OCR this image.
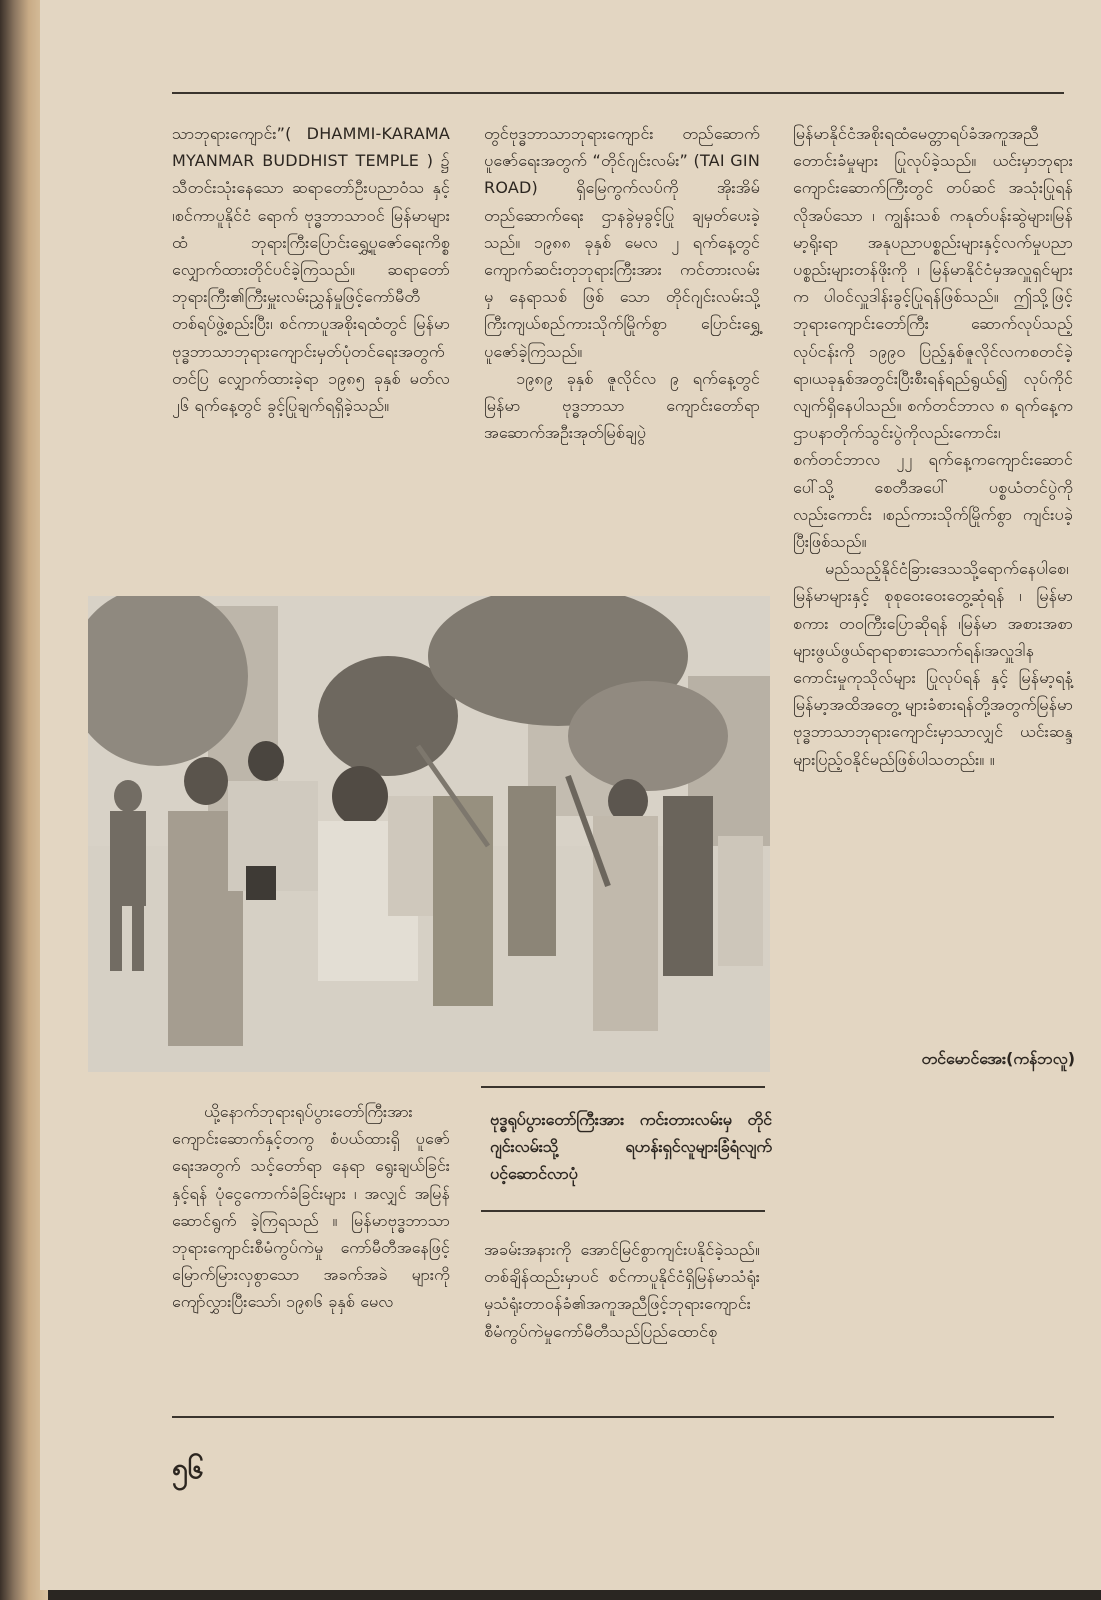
သာဘုရားကျောင်း”( DHAMMI-KARAMA MYANMAR BUDDHIST TEMPLE ) ၌ သီတင်းသုံးနေသော ဆရာတော်ဦးပညာဝံသ နှင့် ၊စင်ကာပူနိုင်ငံ ရောက် ဗုဒ္ဓဘာသာဝင် မြန်မာများထံ ဘုရားကြီးပြောင်းရွှေ့ပူဇော်ရေးကိစ္စ လျှောက်ထားတိုင်ပင်ခဲ့ကြသည်။ ဆရာတော်ဘုရားကြီး၏ကြီးမှူးလမ်းညွှန်မှုဖြင့်ကော်မီတီတစ်ရပ်ဖွဲ့စည်းပြီး၊ စင်ကာပူအစိုးရထံတွင် မြန်မာဗုဒ္ဓဘာသာဘုရားကျောင်းမှတ်ပုံတင်ရေးအတွက်တင်ပြ လျှောက်ထားခဲ့ရာ ၁၉၈၅ ခုနှစ် မတ်လ ၂၆ ရက်နေ့တွင် ခွင့်ပြုချက်ရရှိခဲ့သည်။

တွင်ဗုဒ္ဓဘာသာဘုရားကျောင်း တည်ဆောက်ပူဇော်ရေးအတွက် “တိုင်ဂျင်းလမ်း” (TAI GIN ROAD) ရှိမြေကွက်လပ်ကို အိုးအိမ် တည်ဆောက်ရေး ဌာနခွဲမှခွင့်ပြု ချမှတ်ပေးခဲ့သည်။ ၁၉၈၈ ခုနှစ် မေလ ၂ ရက်နေ့တွင် ကျောက်ဆင်းတုဘုရားကြီးအား ကင်တားလမ်း မှ နေရာသစ် ဖြစ် သော တိုင်ဂျင်းလမ်းသို့ ကြီးကျယ်စည်ကားသိုက်မြိုက်စွာ ပြောင်းရွှေ့ ပူဇော်ခဲ့ကြသည်။

၁၉၈၉ ခုနှစ် ဇူလိုင်လ ၉ ရက်နေ့တွင် မြန်မာ ဗုဒ္ဓဘာသာ ကျောင်းတော်ရာ အဆောက်အဦးအုတ်မြစ်ချပွဲ

မြန်မာနိုင်ငံအစိုးရထံမေတ္တာရပ်ခံအကူအညီ တောင်းခံမှုများ ပြုလုပ်ခဲ့သည်။ ယင်းမှာဘုရားကျောင်းဆောက်ကြီးတွင် တပ်ဆင် အသုံးပြုရန် လိုအပ်သော ၊ ကျွန်းသစ် ကနုတ်ပန်းဆွဲများ၊မြန်မာ့ရိုးရာ အနုပညာပစ္စည်းများနှင့်လက်မှုပညာပစ္စည်းများတန်ဖိုးကို ၊ မြန်မာနိုင်ငံမှအလှူရှင်များက ပါဝင်လှူဒါန်းခွင့်ပြုရန်ဖြစ်သည်။ ဤသို့ဖြင့် ဘုရားကျောင်းတော်ကြီး ဆောက်လုပ်သည့်လုပ်ငန်းကို ၁၉၉၀ ပြည့်နှစ်ဇူလိုင်လကစတင်ခဲ့ရာ၊ယခုနှစ်အတွင်းပြီးစီးရန်ရည်ရွယ်၍ လုပ်ကိုင်လျက်ရှိနေပါသည်။ စက်တင်ဘာလ ၈ ရက်နေ့က ဌာပနာတိုက်သွင်းပွဲကိုလည်းကောင်း၊စက်တင်ဘာလ ၂၂ ရက်နေ့ကကျောင်းဆောင်ပေါ်သို့ စေတီအပေါ် ပစ္စယံတင်ပွဲကို လည်းကောင်း ၊စည်ကားသိုက်မြိုက်စွာ ကျင်းပခဲ့ပြီးဖြစ်သည်။

မည်သည့်နိုင်ငံခြားဒေသသို့ရောက်နေပါစေ၊ မြန်မာများနှင့် စုစုဝေးဝေးတွေ့ဆုံရန် ၊ မြန်မာစကား တဝကြီးပြောဆိုရန် ၊မြန်မာ အစားအစာများဖွယ်ဖွယ်ရာရာစားသောက်ရန်၊အလှူဒါနကောင်းမှုကုသိုလ်များ ပြုလုပ်ရန် နှင့် မြန်မာ့ရနံ့ မြန်မာ့အထိအတွေ့ များခံစားရန်တို့အတွက်မြန်မာဗုဒ္ဓဘာသာဘုရားကျောင်းမှာသာလျှင် ယင်းဆန္ဒများပြည့်ဝနိုင်မည်ဖြစ်ပါသတည်း။ ။

တင်မောင်အေး(ကန်ဘလူ)
ဗုဒ္ဓရုပ်ပွားတော်ကြီးအား ကင်းတားလမ်းမှ တိုင်ဂျင်းလမ်းသို့ ရဟန်းရှင်လူများခြံရံလျက် ပင့်ဆောင်လာပုံ

ယို့နောက်ဘုရားရုပ်ပွားတော်ကြီးအား ကျောင်းဆောက်နှင့်တကွ စံပယ်ထားရှိ ပူဇော်ရေးအတွက် သင့်တော်ရာ နေရာ ရွေးချယ်ခြင်းနှင့်ရန် ပုံငွေကောက်ခံခြင်းများ ၊ အလျှင် အမြန် ဆောင်ရွက် ခဲ့ကြရသည် ။ မြန်မာဗုဒ္ဓဘာသာ ဘုရားကျောင်းစီမံကွပ်ကဲမှု ကော်မီတီအနေဖြင့် မြောက်မြားလှစွာသော အခက်အခဲ များကို ကျော်လွှားပြီးသော်၊ ၁၉၈၆ ခုနှစ် မေလ

အခမ်းအနားကို အောင်မြင်စွာကျင်းပနိုင်ခဲ့သည်။ တစ်ချိန်ထည်းမှာပင် စင်ကာပူနိုင်ငံရှိမြန်မာသံရုံးမှသံရုံးတာဝန်ခံ၏အကူအညီဖြင့်ဘုရားကျောင်း စီမံကွပ်ကဲမှုကော်မီတီသည်ပြည်ထောင်စု

၅၆
